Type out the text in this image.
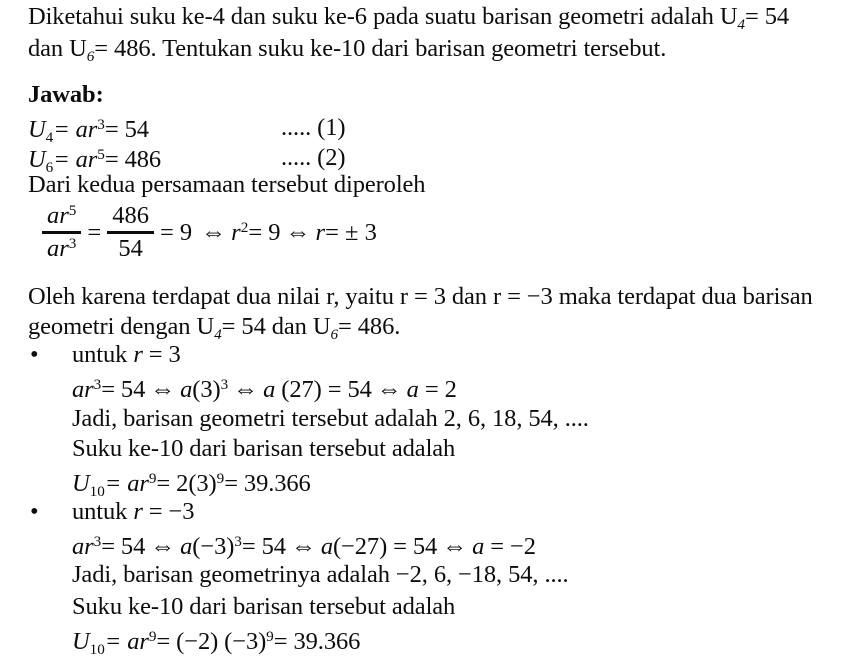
Diketahui suku ke-4 dan suku ke-6 pada suatu barisan geometri adalah $U_4= 54$
dan $U_6= 486$. Tentukan suku ke-10 dari barisan geometri tersebut.
Jawab:
$U_4= ar^3= 54$	..... (1)
$U_6= ar^5= 486$	..... (2)
Dari kedua persamaan tersebut diperoleh
$\frac{ar^5}{ar^3} = \frac{486}{54} = 9$ ⇔ $r^2= 9$ ⇔ r= ± 3
Oleh karena terdapat dua nilai r, yaitu r = 3 dan r = −3 maka terdapat dua barisan
geometri dengan $U_4= 54$ dan $U_6= 486$.
• untuk r = 3
$ar^3= 54$ ⇔ $a(3)^3$ ⇔ a (27) = 54 ⇔ a = 2
Jadi, barisan geometri tersebut adalah 2, 6, 18, 54, ....
Suku ke-10 dari barisan tersebut adalah
$U_{10}= ar^9= 2(3)^9= 39.366$
• untuk r = −3
$ar^3= 54$ ⇔ $a(-3)^3= 54$ ⇔ a(−27) = 54 ⇔ a = −2
Jadi, barisan geometrinya adalah −2, 6, −18, 54, ....
Suku ke-10 dari barisan tersebut adalah
$U_{10}= ar^9= (-2)$ $(-3)^9= 39.366$
